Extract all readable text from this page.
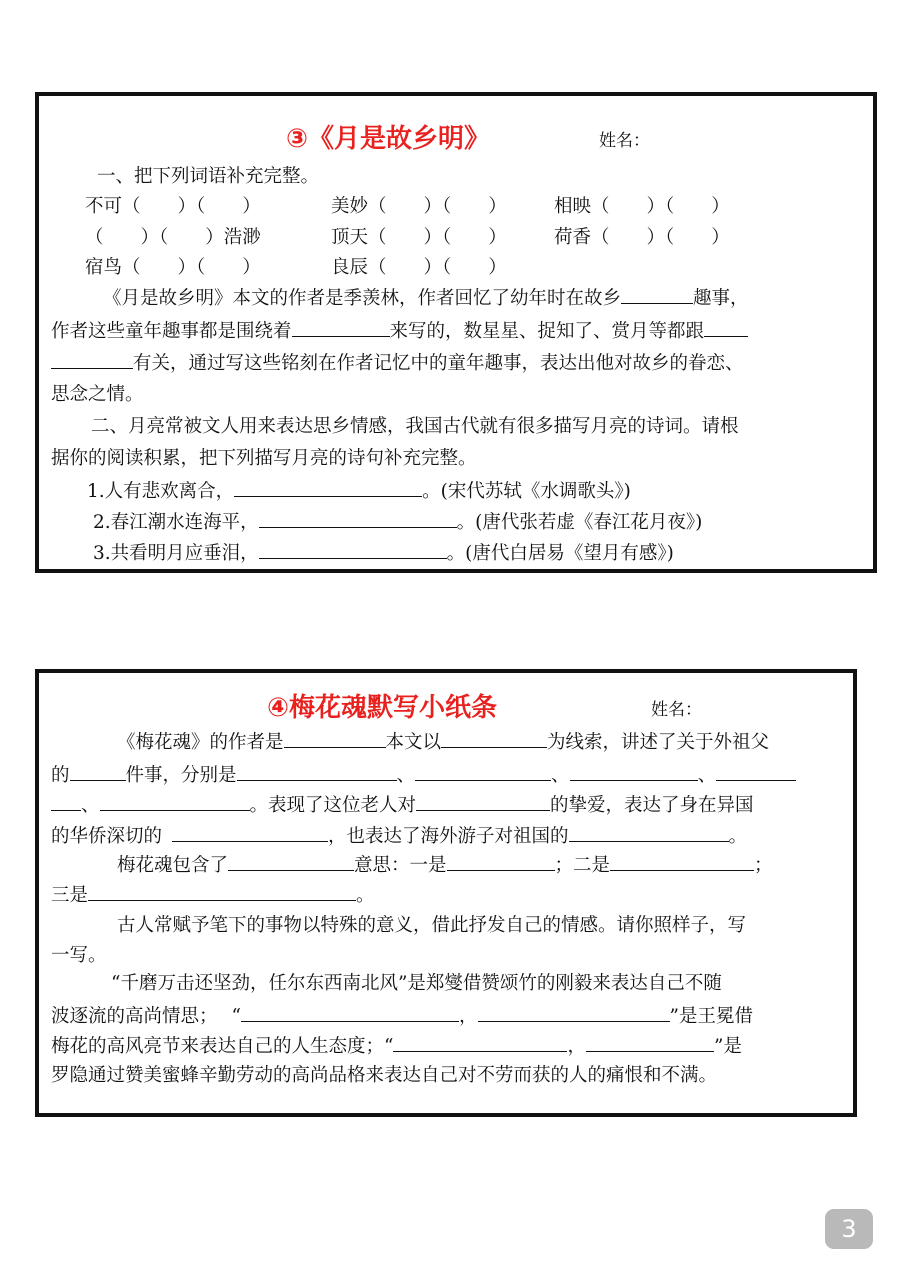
③《月是故乡明》	姓名：
一、把下列词语补充完整。
不可（　　）（　　）	美妙（　　）（　　）	相映（　　）（　　）
（　　）（　　）浩渺	顶天（　　）（　　）	荷香（　　）（　　）
宿鸟（　　）（　　）	良辰（　　）（　　）
《月是故乡明》本文的作者是季羡林，作者回忆了幼年时在故乡	趣事，
作者这些童年趣事都是围绕着	来写的，数星星、捉知了、赏月等都跟
有关，通过写这些铭刻在作者记忆中的童年趣事，表达出他对故乡的眷恋、
思念之情。
二、月亮常被文人用来表达思乡情感，我国古代就有很多描写月亮的诗词。请根
据你的阅读积累，把下列描写月亮的诗句补充完整。
1.人有悲欢离合，	。(宋代苏轼《水调歌头》)
2.春江潮水连海平，	。(唐代张若虚《春江花月夜》)
3.共看明月应垂泪，	。(唐代白居易《望月有感》)
④梅花魂默写小纸条	姓名：
《梅花魂》的作者是	本文以	为线索，讲述了关于外祖父
的	件事，分别是	、	、	、
、	。表现了这位老人对	的挚爱，表达了身在异国
的华侨深切的	，也表达了海外游子对祖国的	。
梅花魂包含了	意思：一是	；二是	；
三是	。
古人常赋予笔下的事物以特殊的意义，借此抒发自己的情感。请你照样子，写
一写。
“千磨万击还坚劲，任尔东西南北风”是郑燮借赞颂竹的刚毅来表达自己不随
波逐流的高尚情思； “	，	”是王冕借
梅花的高风亮节来表达自己的人生态度；“	，	”是
罗隐通过赞美蜜蜂辛勤劳动的高尚品格来表达自己对不劳而获的人的痛恨和不满。
3
